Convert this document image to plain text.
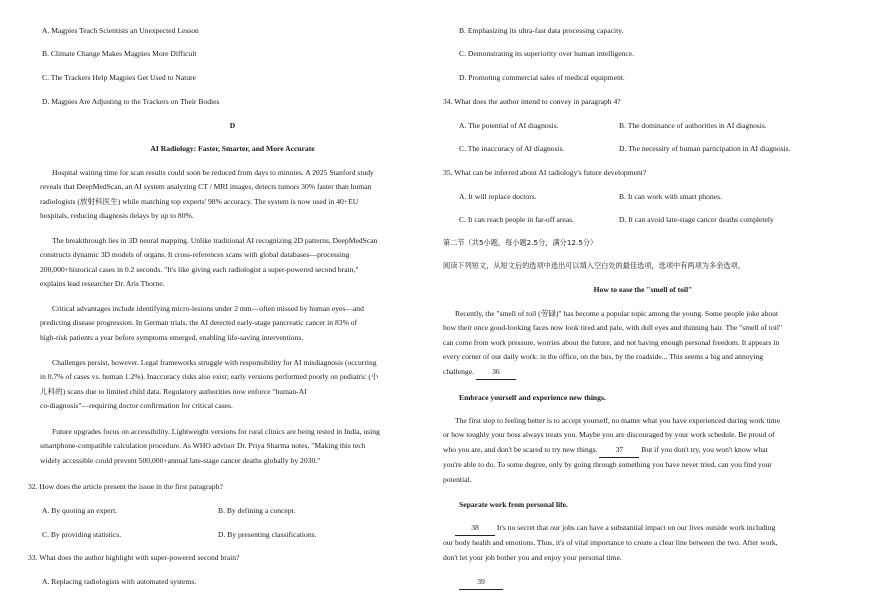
A. Magpies Teach Scientists an Unexpected Lesson
B. Climate Change Makes Magpies More Difficult
C. The Trackers Help Magpies Get Used to Nature
D. Magpies Are Adjusting to the Trackers on Their Bodies
D
AI Radiology: Faster, Smarter, and More Accurate
Hospital waiting time for scan results could soon be reduced from days to minutes. A 2025 Stanford study
reveals that DeepMedScan, an AI system analyzing CT / MRI images, detects tumors 30% faster than human
radiologists (放射科医生) while matching top experts' 98% accuracy. The system is now used in 40+EU
hospitals, reducing diagnosis delays by up to 80%.
The breakthrough lies in 3D neural mapping. Unlike traditional AI recognizing 2D patterns, DeepMedScan
constructs dynamic 3D models of organs. It cross-references scans with global databases—processing
200,000+historical cases in 0.2 seconds. "It's like giving each radiologist a super-powered second brain,"
explains lead researcher Dr. Aris Thorne.
Critical advantages include identifying micro-lesions under 2 mm—often missed by human eyes—and
predicting disease progression. In German trials, the AI detected early-stage pancreatic cancer in 83% of
high-risk patients a year before symptoms emerged, enabling life-saving interventions.
Challenges persist, however. Legal frameworks struggle with responsibility for AI misdiagnosis (occurring
in 0.7% of cases vs. human 1.2%). Inaccuracy risks also exist; early versions performed poorly on pediatric (小
儿科的) scans due to limited child data. Regulatory authorities now enforce "human-AI
co-diagnosis"—requiring doctor confirmation for critical cases.
Future upgrades focus on accessibility. Lightweight versions for rural clinics are being tested in India, using
smartphone-compatible calculation procedure. As WHO advisor Dr. Priya Sharma notes, "Making this tech
widely accessible could prevent 500,000+annual late-stage cancer deaths globally by 2030."
32. How does the article present the issue in the first paragraph?
A. By quoting an expert.	B. By defining a concept.
C. By providing statistics.	D. By presenting classifications.
33. What does the author highlight with super-powered second brain?
A. Replacing radiologists with automated systems.
B. Emphasizing its ultra-fast data processing capacity.
C. Demonstrating its superiority over human intelligence.
D. Promoting commercial sales of medical equipment.
34. What does the author intend to convey in paragraph 4?
A. The potential of AI diagnosis.	B. The dominance of authorities in AI diagnosis.
C. The inaccuracy of AI diagnosis.	D. The necessity of human participation in AI diagnosis.
35. What can be inferred about AI radiology's future development?
A. It will replace doctors.	B. It can work with smart phones.
C. It can reach people in far-off areas.	D. It can avoid late-stage cancer deaths completely
第二节（共5小题，每小题2.5分，满分12.5分）
阅读下列短文，从短文后的选项中选出可以填入空白处的最佳选项，选项中有两项为多余选项。
How to ease the "smell of toil"
Recently, the "smell of toil (劳碌)" has become a popular topic among the young. Some people joke about
how their once good-looking faces now look tired and pale, with dull eyes and thinning hair. The "smell of toil"
can come from work pressure, worries about the future, and not having enough personal freedom. It appears in
every corner of our daily work: in the office, on the bus, by the roadside... This seems a big and annoying
challenge. 36
Embrace yourself and experience new things.
The first step to feeling better is to accept yourself, no matter what you have experienced during work time
or how toughly your boss always treats you. Maybe you are discouraged by your work schedule. Be proud of
who you are, and don't be scared to try new things. 37 But if you don't try, you won't know what
you're able to do. To some degree, only by going through something you have never tried, can you find your
potential.
Separate work from personal life.
38 It's no secret that our jobs can have a substantial impact on our lives outside work including
our body health and emotions. Thus, it's of vital importance to create a clear line between the two. After work,
don't let your job bother you and enjoy your personal time.
39
